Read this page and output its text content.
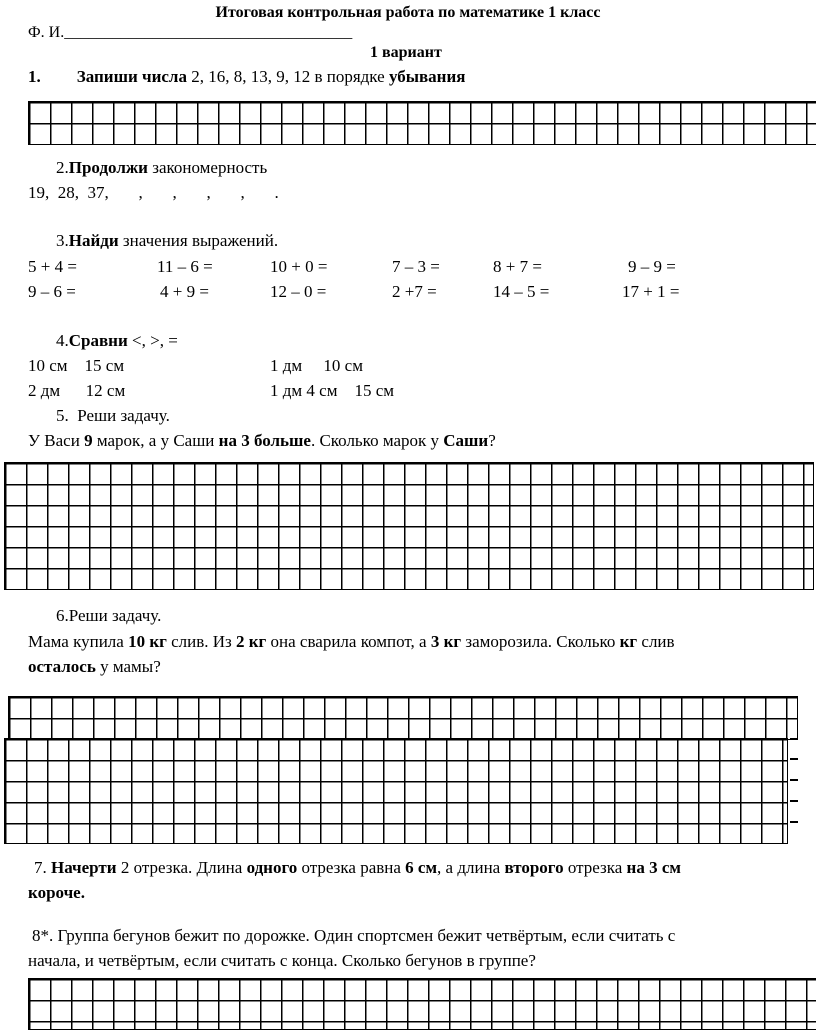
Итоговая контрольная работа по математике 1 класс
Ф. И.____________________________________
1 вариант
1. Запиши числа 2, 16, 8, 13, 9, 12 в порядке убывания
2.Продолжи закономерность
19,  28,  37,       ,       ,       ,       ,       .
3.Найди значения выражений.
5 + 4 =	11 – 6 =	10 + 0 =	7 – 3 =	8 + 7 =	9 – 9 =
9 – 6 =	4 + 9 =	12 – 0 =	2 +7 =	14 – 5 =	17 + 1 =
4.Сравни <, >, =
10 см    15 см	1 дм     10 см
2 дм      12 см	1 дм 4 см    15 см
5.  Реши задачу.
У Васи 9 марок, а у Саши на 3 больше. Сколько марок у Саши?
6.Реши задачу.
Мама купила 10 кг слив. Из 2 кг она сварила компот, а 3 кг заморозила. Сколько кг слив
осталось у мамы?
7. Начерти 2 отрезка. Длина одного отрезка равна 6 см, а длина второго отрезка на 3 см
короче.
8*. Группа бегунов бежит по дорожке. Один спортсмен бежит четвёртым, если считать с
начала, и четвёртым, если считать с конца. Сколько бегунов в группе?
